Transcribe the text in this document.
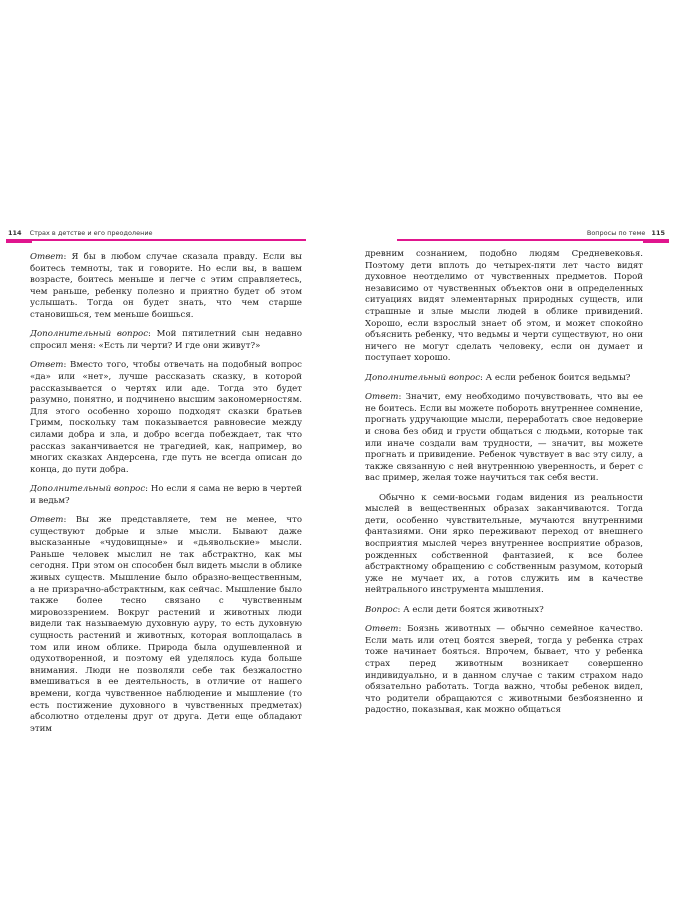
114 Страх в детстве и его преодоление

Ответ: Я бы в любом случае сказала правду. Если вы боитесь темноты, так и говорите. Но если вы, в вашем возрасте, боитесь меньше и легче с этим справляетесь, чем раньше, ребенку полезно и приятно будет об этом услышать. Тогда он будет знать, что чем старше становишься, тем меньше боишься.

Дополнительный вопрос: Мой пятилетний сын недавно спросил меня: «Есть ли черти? И где они живут?»

Ответ: Вместо того, чтобы отвечать на подобный вопрос «да» или «нет», лучше рассказать сказку, в которой рассказывается о чертях или аде. Тогда это будет разумно, понятно, и подчинено высшим закономерностям. Для этого особенно хорошо подходят сказки братьев Гримм, поскольку там показывается равновесие между силами добра и зла, и добро всегда побеждает, так что рассказ заканчивается не трагедией, как, например, во многих сказках Андерсена, где путь не всегда описан до конца, до пути добра.

Дополнительный вопрос: Но если я сама не верю в чертей и ведьм?

Ответ: Вы же представляете, тем не менее, что существуют добрые и злые мысли. Бывают даже высказанные «чудовищные» и «дьявольские» мысли. Раньше человек мыслил не так абстрактно, как мы сегодня. При этом он способен был видеть мысли в облике живых существ. Мышление было образно-вещественным, а не призрачно-абстрактным, как сейчас. Мышление было также более тесно связано с чувственным мировоззрением. Вокруг растений и животных люди видели так называемую духовную ауру, то есть духовную сущность растений и животных, которая воплощалась в том или ином облике. Природа была одушевленной и одухотворенной, и поэтому ей уделялось куда больше внимания. Люди не позволяли себе так безжалостно вмешиваться в ее деятельность, в отличие от нашего времени, когда чувственное наблюдение и мышление (то есть постижение духовного в чувственных предметах) абсолютно отделены друг от друга. Дети еще обладают этим

Вопросы по теме 115

древним сознанием, подобно людям Средневековья. Поэтому дети вплоть до четырех-пяти лет часто видят духовное неотделимо от чувственных предметов. Порой независимо от чувственных объектов они в определенных ситуациях видят элементарных природных существ, или страшные и злые мысли людей в облике привидений. Хорошо, если взрослый знает об этом, и может спокойно объяснить ребенку, что ведьмы и черти существуют, но они ничего не могут сделать человеку, если он думает и поступает хорошо.

Дополнительный вопрос: А если ребенок боится ведьмы?

Ответ: Значит, ему необходимо почувствовать, что вы ее не боитесь. Если вы можете побороть внутреннее сомнение, прогнать удручающие мысли, переработать свое недоверие и снова без обид и грусти общаться с людьми, которые так или иначе создали вам трудности, — значит, вы можете прогнать и привидение. Ребенок чувствует в вас эту силу, а также связанную с ней внутреннюю уверенность, и берет с вас пример, желая тоже научиться так себя вести.

Обычно к семи-восьми годам видения из реальности мыслей в вещественных образах заканчиваются. Тогда дети, особенно чувствительные, мучаются внутренними фантазиями. Они ярко переживают переход от внешнего восприятия мыслей через внутреннее восприятие образов, рожденных собственной фантазией, к все более абстрактному обращению с собственным разумом, который уже не мучает их, а готов служить им в качестве нейтрального инструмента мышления.

Вопрос: А если дети боятся животных?

Ответ: Боязнь животных — обычно семейное качество. Если мать или отец боятся зверей, тогда у ребенка страх тоже начинает бояться. Впрочем, бывает, что у ребенка страх перед животным возникает совершенно индивидуально, и в данном случае с таким страхом надо обязательно работать. Тогда важно, чтобы ребенок видел, что родители обращаются с животными безбоязненно и радостно, показывая, как можно общаться
